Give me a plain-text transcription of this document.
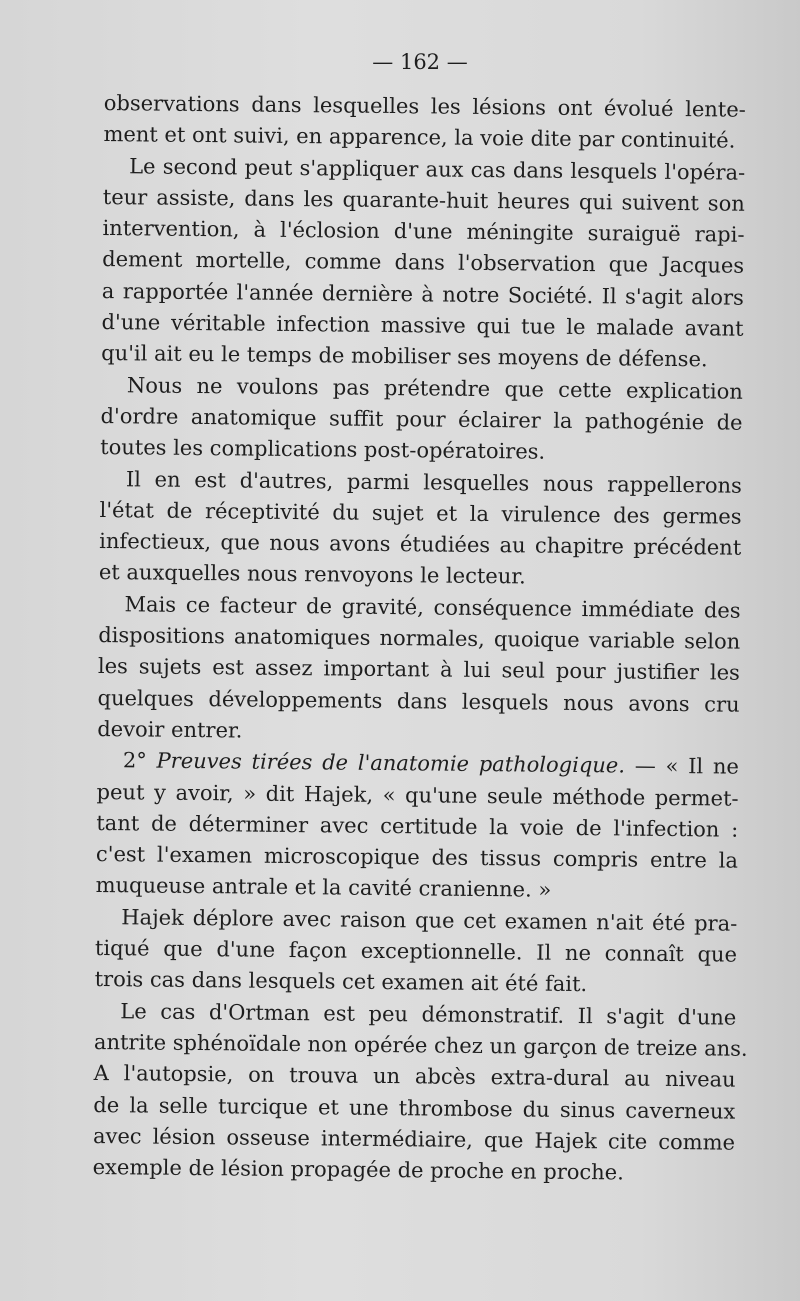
— 162 —
observations dans lesquelles les lésions ont évolué lente-
ment et ont suivi, en apparence, la voie dite par continuité.
Le second peut s'appliquer aux cas dans lesquels l'opéra-
teur assiste, dans les quarante-huit heures qui suivent son
intervention, à l'éclosion d'une méningite suraiguë rapi-
dement mortelle, comme dans l'observation que Jacques
a rapportée l'année dernière à notre Société. Il s'agit alors
d'une véritable infection massive qui tue le malade avant
qu'il ait eu le temps de mobiliser ses moyens de défense.
Nous ne voulons pas prétendre que cette explication
d'ordre anatomique suffit pour éclairer la pathogénie de
toutes les complications post-opératoires.
Il en est d'autres, parmi lesquelles nous rappellerons
l'état de réceptivité du sujet et la virulence des germes
infectieux, que nous avons étudiées au chapitre précédent
et auxquelles nous renvoyons le lecteur.
Mais ce facteur de gravité, conséquence immédiate des
dispositions anatomiques normales, quoique variable selon
les sujets est assez important à lui seul pour justifier les
quelques développements dans lesquels nous avons cru
devoir entrer.
2° Preuves tirées de l'anatomie pathologique. — « Il ne
peut y avoir, » dit Hajek, « qu'une seule méthode permet-
tant de déterminer avec certitude la voie de l'infection :
c'est l'examen microscopique des tissus compris entre la
muqueuse antrale et la cavité cranienne. »
Hajek déplore avec raison que cet examen n'ait été pra-
tiqué que d'une façon exceptionnelle. Il ne connaît que
trois cas dans lesquels cet examen ait été fait.
Le cas d'Ortman est peu démonstratif. Il s'agit d'une
antrite sphénoïdale non opérée chez un garçon de treize ans.
A l'autopsie, on trouva un abcès extra-dural au niveau
de la selle turcique et une thrombose du sinus caverneux
avec lésion osseuse intermédiaire, que Hajek cite comme
exemple de lésion propagée de proche en proche.
